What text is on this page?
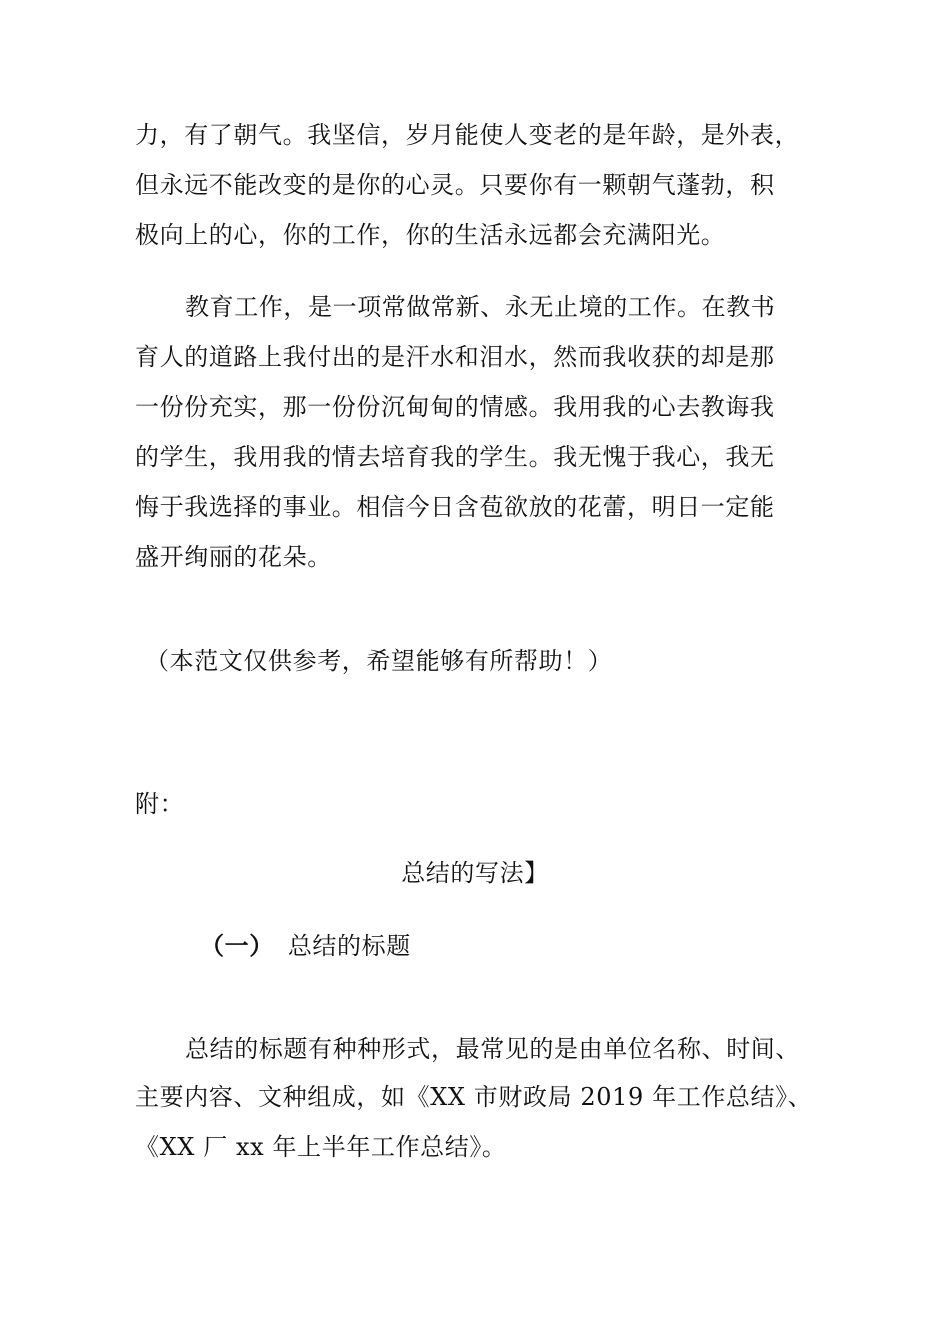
力，有了朝气。我坚信，岁月能使人变老的是年龄，是外表，
但永远不能改变的是你的心灵。只要你有一颗朝气蓬勃，积
极向上的心，你的工作，你的生活永远都会充满阳光。
教育工作，是一项常做常新、永无止境的工作。在教书
育人的道路上我付出的是汗水和泪水，然而我收获的却是那
一份份充实，那一份份沉甸甸的情感。我用我的心去教诲我
的学生，我用我的情去培育我的学生。我无愧于我心，我无
悔于我选择的事业。相信今日含苞欲放的花蕾，明日一定能
盛开绚丽的花朵。
（本范文仅供参考，希望能够有所帮助！）
附：
总结的写法】
（一） 总结的标题
总结的标题有种种形式，最常见的是由单位名称、时间、
主要内容、文种组成，如《XX 市财政局 2019 年工作总结》、
《XX 厂 xx 年上半年工作总结》。
